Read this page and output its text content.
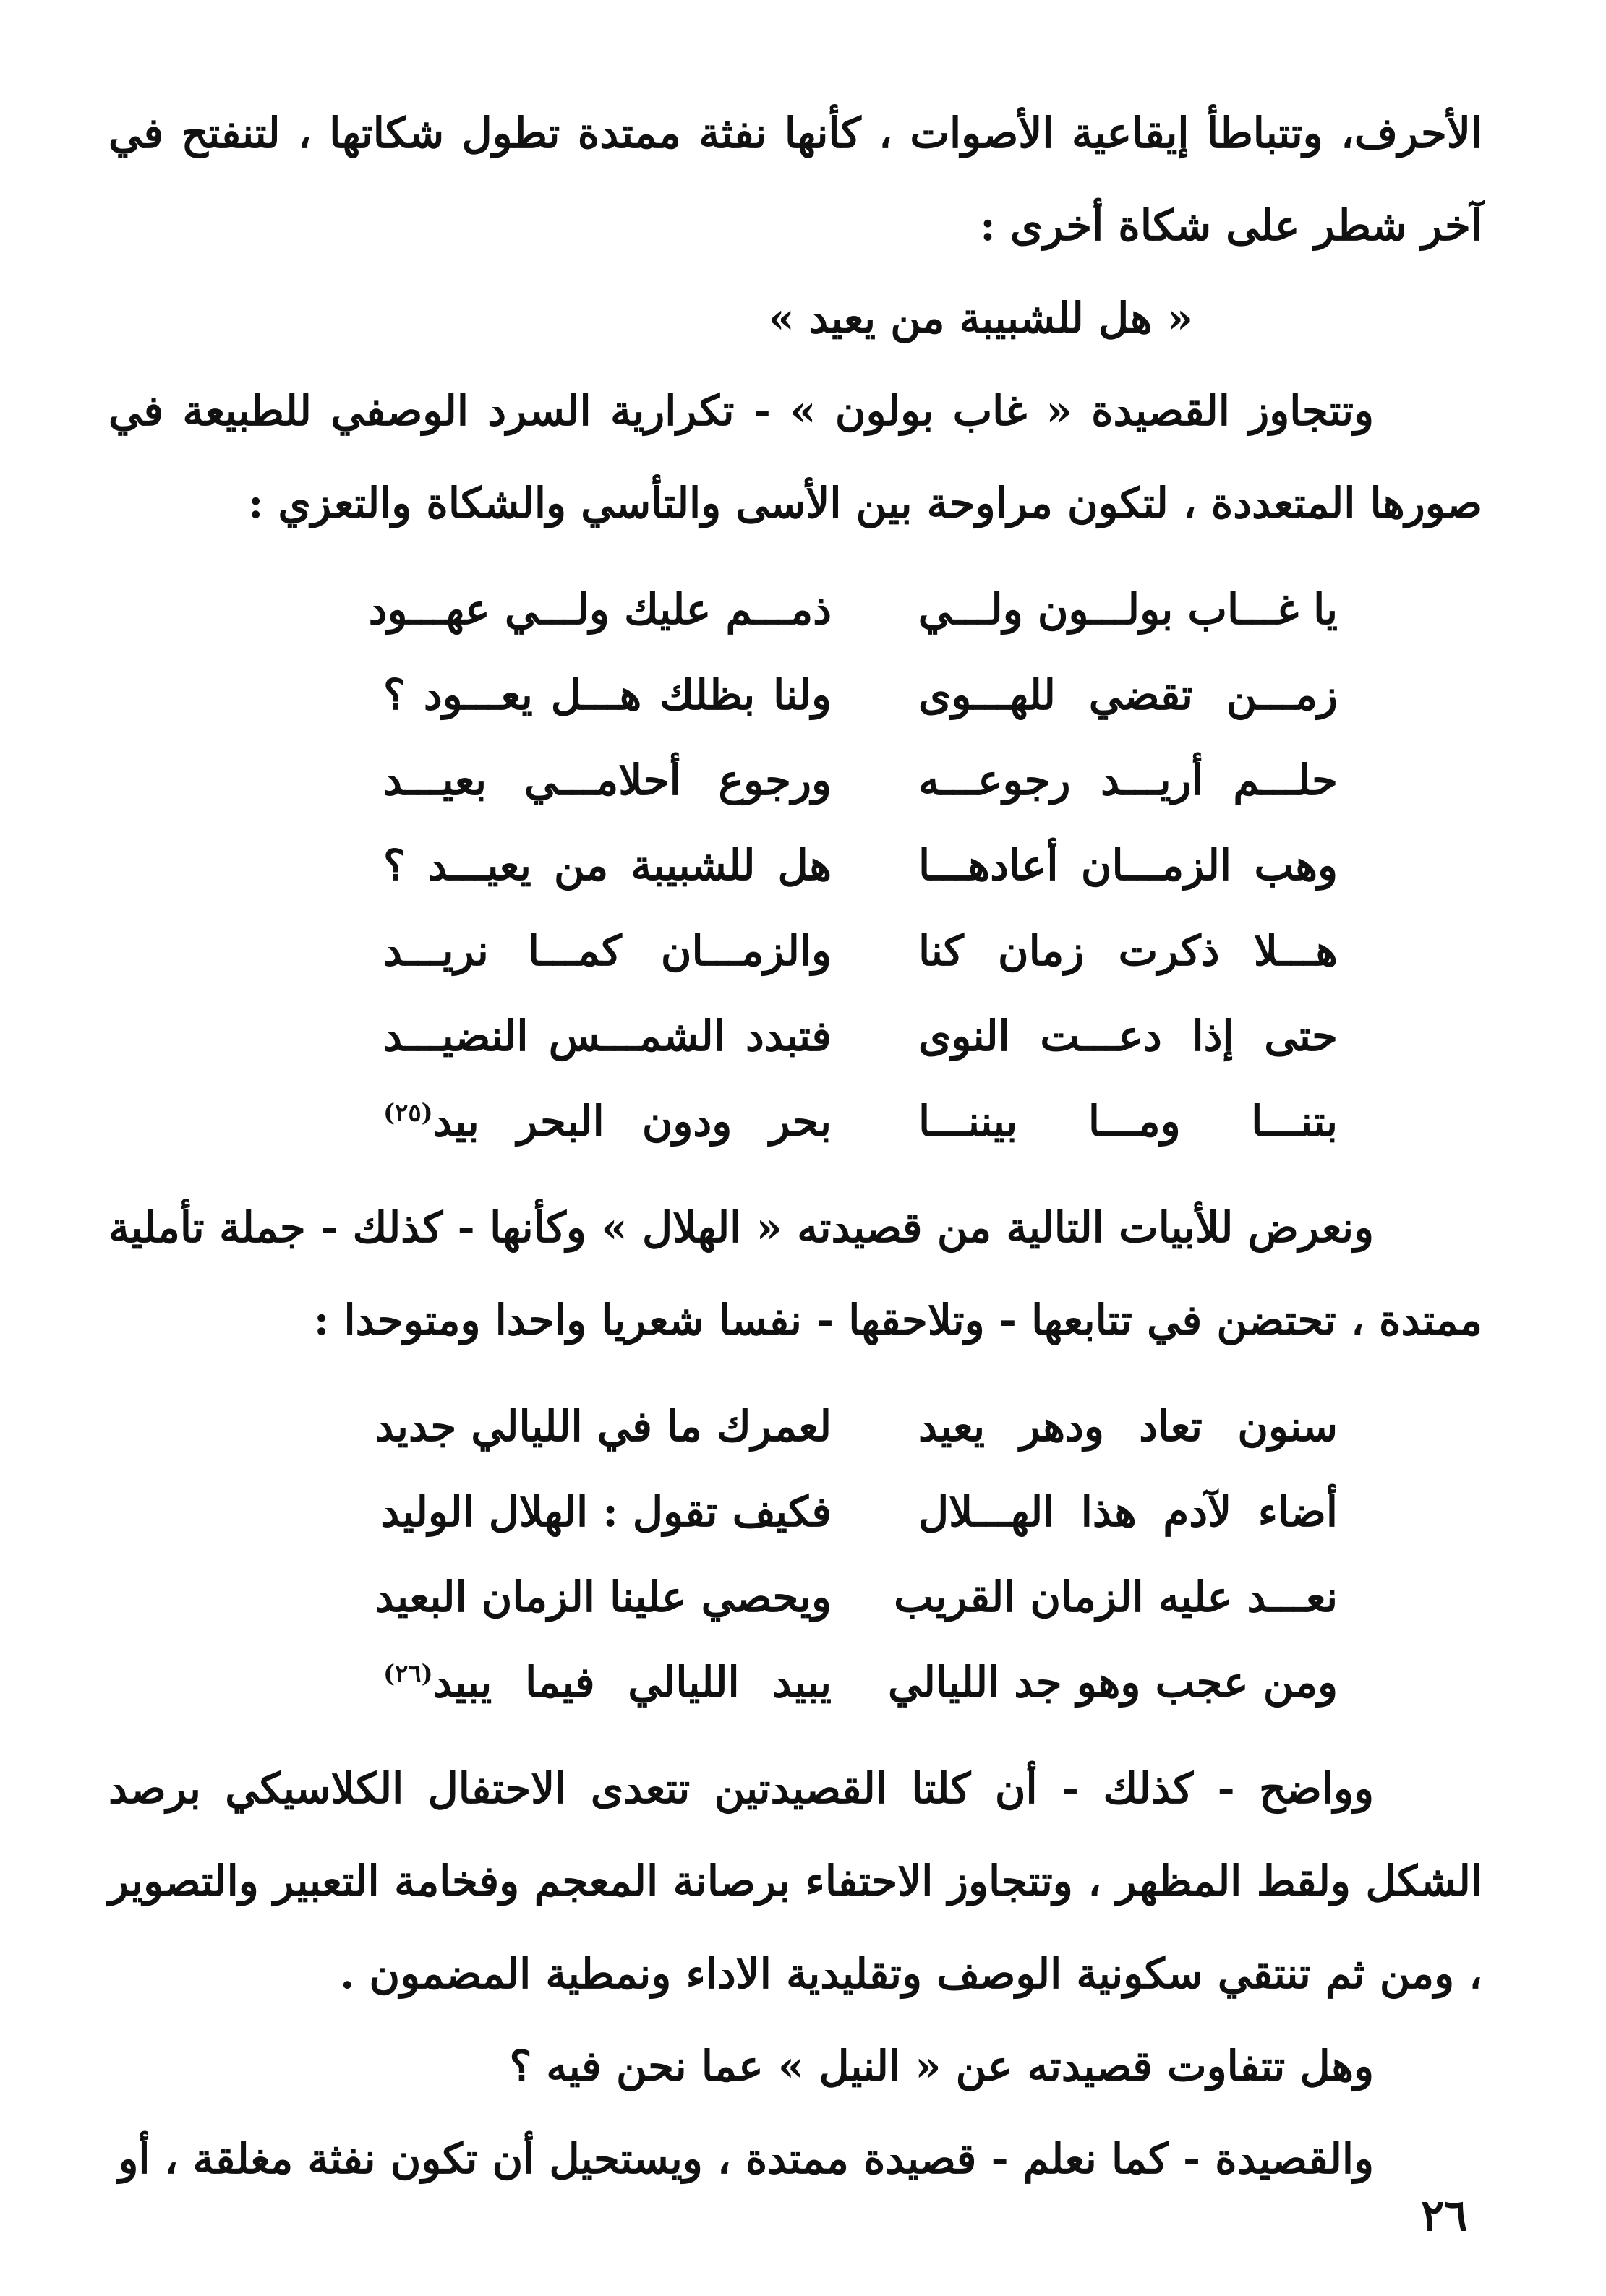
الأحرف، وتتباطأ إيقاعية الأصوات ، كأنها نفثة ممتدة تطول شكاتها ، لتنفتح في آخر شطر على شكاة أخرى :

« هل للشبيبة من يعيد »

وتتجاوز القصيدة « غاب بولون » - تكرارية السرد الوصفي للطبيعة في صورها المتعددة ، لتكون مراوحة بين الأسى والتأسي والشكاة والتعزي :

يا غـــاب بولـــون ولـــي
ذمـــم عليك ولـــي عهـــود
زمـــن تقضي للهـــوى
ولنا بظلك هـــل يعـــود ؟
حلـــم أريـــد رجوعـــه
ورجوع أحلامـــي بعيـــد
وهب الزمـــان أعادهـــا
هل للشبيبة من يعيـــد ؟
هـــلا ذكرت زمان كنا
والزمـــان كمـــا نريـــد
حتى إذا دعـــت النوى
فتبدد الشمـــس النضيـــد
بتنـــا ومـــا بيننـــا
بحر ودون البحر بيد$^{(٢٥)}$

ونعرض للأبيات التالية من قصيدته « الهلال » وكأنها - كذلك - جملة تأملية ممتدة ، تحتضن في تتابعها - وتلاحقها - نفسا شعريا واحدا ومتوحدا :

سنون تعاد ودهر يعيد
لعمرك ما في الليالي جديد
أضاء لآدم هذا الهـــلال
فكيف تقول : الهلال الوليد
نعـــد عليه الزمان القريب
ويحصي علينا الزمان البعيد
ومن عجب وهو جد الليالي
يبيد الليالي فيما يبيد$^{(٢٦)}$

وواضح - كذلك - أن كلتا القصيدتين تتعدى الاحتفال الكلاسيكي برصد الشكل ولقط المظهر ، وتتجاوز الاحتفاء برصانة المعجم وفخامة التعبير والتصوير ، ومن ثم تنتقي سكونية الوصف وتقليدية الاداء ونمطية المضمون .

وهل تتفاوت قصيدته عن « النيل » عما نحن فيه ؟

والقصيدة - كما نعلم - قصيدة ممتدة ، ويستحيل أن تكون نفثة مغلقة ، أو

٢٦
